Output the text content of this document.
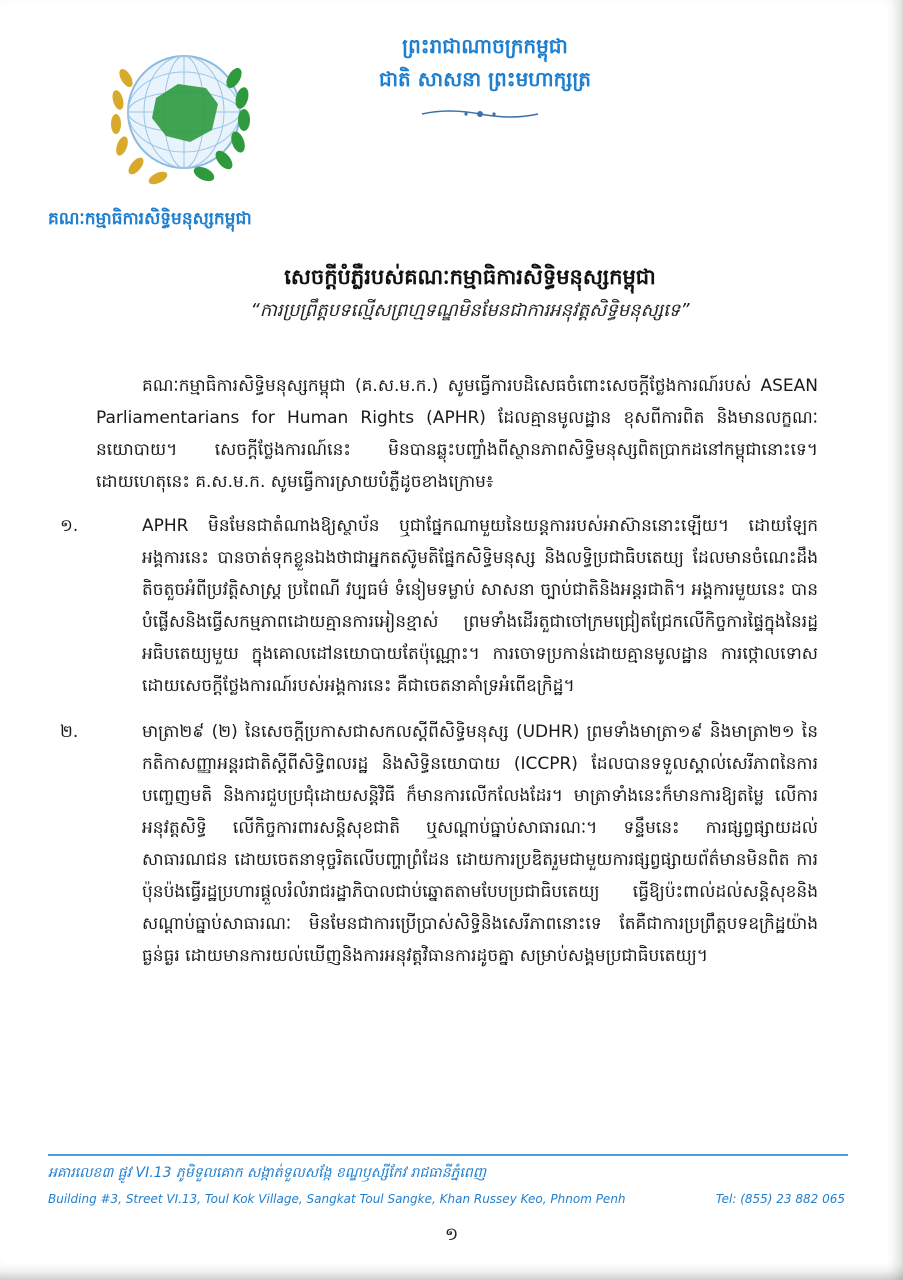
គណៈកម្មាធិការសិទ្ធិមនុស្សកម្ពុជា
ព្រះរាជាណាចក្រកម្ពុជា
ជាតិ សាសនា ព្រះមហាក្សត្រ
សេចក្តីបំភ្លឺរបស់គណៈកម្មាធិការសិទ្ធិមនុស្សកម្ពុជា
“ការប្រព្រឹត្តបទល្មើសព្រហ្មទណ្ឌមិនមែនជាការអនុវត្តសិទ្ធិមនុស្សទេ”

គណៈកម្មាធិការសិទ្ធិមនុស្សកម្ពុជា (គ.ស.ម.ក.) សូមធ្វើការបដិសេធចំពោះសេចក្តីថ្លែងការណ៍របស់ ASEAN Parliamentarians for Human Rights (APHR) ដែលគ្មានមូលដ្ឋាន ខុសពីការពិត និងមានលក្ខណៈនយោបាយ។ សេចក្តីថ្លែងការណ៍នេះ មិនបានឆ្លុះបញ្ចាំងពីស្ថានភាពសិទ្ធិមនុស្សពិតប្រាកដនៅកម្ពុជានោះទេ។ ដោយហេតុនេះ គ.ស.ម.ក. សូមធ្វើការស្រាយបំភ្លឺដូចខាងក្រោម៖

១.	APHR មិនមែនជាតំណាងឱ្យស្ថាប័ន ឬជាផ្នែកណាមួយនៃយន្តការរបស់អាស៊ាននោះឡើយ។ ដោយឡែក អង្គការនេះ បានចាត់ទុកខ្លួនឯងថាជាអ្នកតស៊ូមតិផ្នែកសិទ្ធិមនុស្ស និងលទ្ធិប្រជាធិបតេយ្យ ដែលមានចំណេះដឹងតិចតួចអំពីប្រវត្តិសាស្ត្រ ប្រពៃណី វប្បធម៌ ទំនៀមទម្លាប់ សាសនា ច្បាប់ជាតិនិងអន្តរជាតិ។ អង្គការមួយនេះ បានបំផ្លើសនិងធ្វើសកម្មភាពដោយគ្មានការអៀនខ្មាស់ ព្រមទាំងដើរតួជាចៅក្រមជ្រៀតជ្រែកលើកិច្ចការផ្ទៃក្នុងនៃរដ្ឋអធិបតេយ្យមួយ ក្នុងគោលដៅនយោបាយតែប៉ុណ្ណោះ។ ការចោទប្រកាន់ដោយគ្មានមូលដ្ឋាន ការថ្កោលទោស ដោយសេចក្តីថ្លែងការណ៍របស់អង្គការនេះ គឺជាចេតនាគាំទ្រអំពើឧក្រិដ្ឋ។

២.	មាត្រា២៩ (២) នៃសេចក្តីប្រកាសជាសកលស្តីពីសិទ្ធិមនុស្ស (UDHR) ព្រមទាំងមាត្រា១៩ និងមាត្រា២១ នៃកតិកាសញ្ញាអន្តរជាតិស្តីពីសិទ្ធិពលរដ្ឋ និងសិទ្ធិនយោបាយ (ICCPR) ដែលបានទទួលស្គាល់សេរីភាពនៃការបញ្ចេញមតិ និងការជួបប្រជុំដោយសន្តិវិធី ក៏មានការលើកលែងដែរ។ មាត្រាទាំងនេះក៏មានការឱ្យតម្លៃ លើការអនុវត្តសិទ្ធិ លើកិច្ចការពារសន្តិសុខជាតិ ឬសណ្តាប់ធ្នាប់សាធារណៈ។ ទន្ទឹមនេះ ការផ្សព្វផ្សាយដល់សាធារណជន ដោយចេតនាទុច្ចរិតលើបញ្ហាព្រំដែន ដោយការប្រឌិតរួមជាមួយការផ្សព្វផ្សាយព័ត៌មានមិនពិត ការប៉ុនប៉ងធ្វើរដ្ឋប្រហារផ្តួលរំលំរាជរដ្ឋាភិបាលជាប់ឆ្នោតតាមបែបប្រជាធិបតេយ្យ ធ្វើឱ្យប៉ះពាល់ដល់សន្តិសុខនិងសណ្តាប់ធ្នាប់សាធារណៈ មិនមែនជាការប្រើប្រាស់សិទ្ធិនិងសេរីភាពនោះទេ តែគឺជាការប្រព្រឹត្តបទឧក្រិដ្ឋយ៉ាងធ្ងន់ធ្ងរ ដោយមានការយល់ឃើញនិងការអនុវត្តវិធានការដូចគ្នា សម្រាប់សង្គមប្រជាធិបតេយ្យ។

អគារលេខ៣ ផ្លូវ VI.13 ភូមិទួលគោក សង្កាត់ទួលសង្កែ ខណ្ឌឫស្សីកែវ រាជធានីភ្នំពេញ
Building #3, Street VI.13, Toul Kok Village, Sangkat Toul Sangke, Khan Russey Keo, Phnom Penh	Tel: (855) 23 882 065
១
